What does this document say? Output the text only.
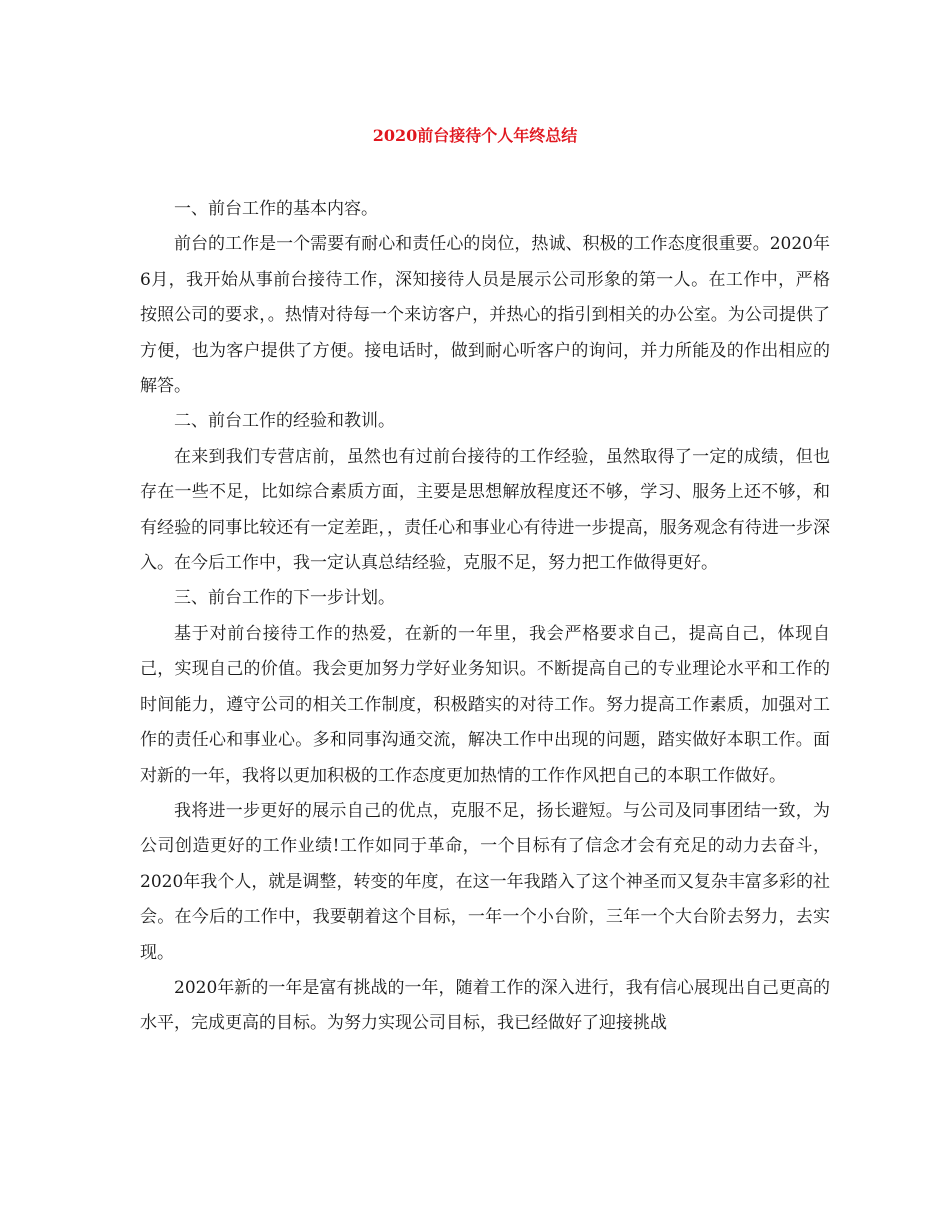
2020前台接待个人年终总结

一、前台工作的基本内容。

前台的工作是一个需要有耐心和责任心的岗位，热诚、积极的工作态度很重要。2020年6月，我开始从事前台接待工作，深知接待人员是展示公司形象的第一人。在工作中，严格按照公司的要求，。热情对待每一个来访客户，并热心的指引到相关的办公室。为公司提供了方便，也为客户提供了方便。接电话时，做到耐心听客户的询问，并力所能及的作出相应的解答。

二、前台工作的经验和教训。

在来到我们专营店前，虽然也有过前台接待的工作经验，虽然取得了一定的成绩，但也存在一些不足，比如综合素质方面，主要是思想解放程度还不够，学习、服务上还不够，和有经验的同事比较还有一定差距，，责任心和事业心有待进一步提高，服务观念有待进一步深入。在今后工作中，我一定认真总结经验，克服不足，努力把工作做得更好。

三、前台工作的下一步计划。

基于对前台接待工作的热爱，在新的一年里，我会严格要求自己，提高自己，体现自己，实现自己的价值。我会更加努力学好业务知识。不断提高自己的专业理论水平和工作的时间能力，遵守公司的相关工作制度，积极踏实的对待工作。努力提高工作素质，加强对工作的责任心和事业心。多和同事沟通交流，解决工作中出现的问题，踏实做好本职工作。面对新的一年，我将以更加积极的工作态度更加热情的工作作风把自己的本职工作做好。

我将进一步更好的展示自己的优点，克服不足，扬长避短。与公司及同事团结一致，为公司创造更好的工作业绩!工作如同于革命，一个目标有了信念才会有充足的动力去奋斗，2020年我个人，就是调整，转变的年度，在这一年我踏入了这个神圣而又复杂丰富多彩的社会。在今后的工作中，我要朝着这个目标，一年一个小台阶，三年一个大台阶去努力，去实现。

2020年新的一年是富有挑战的一年，随着工作的深入进行，我有信心展现出自己更高的水平，完成更高的目标。为努力实现公司目标，我已经做好了迎接挑战
